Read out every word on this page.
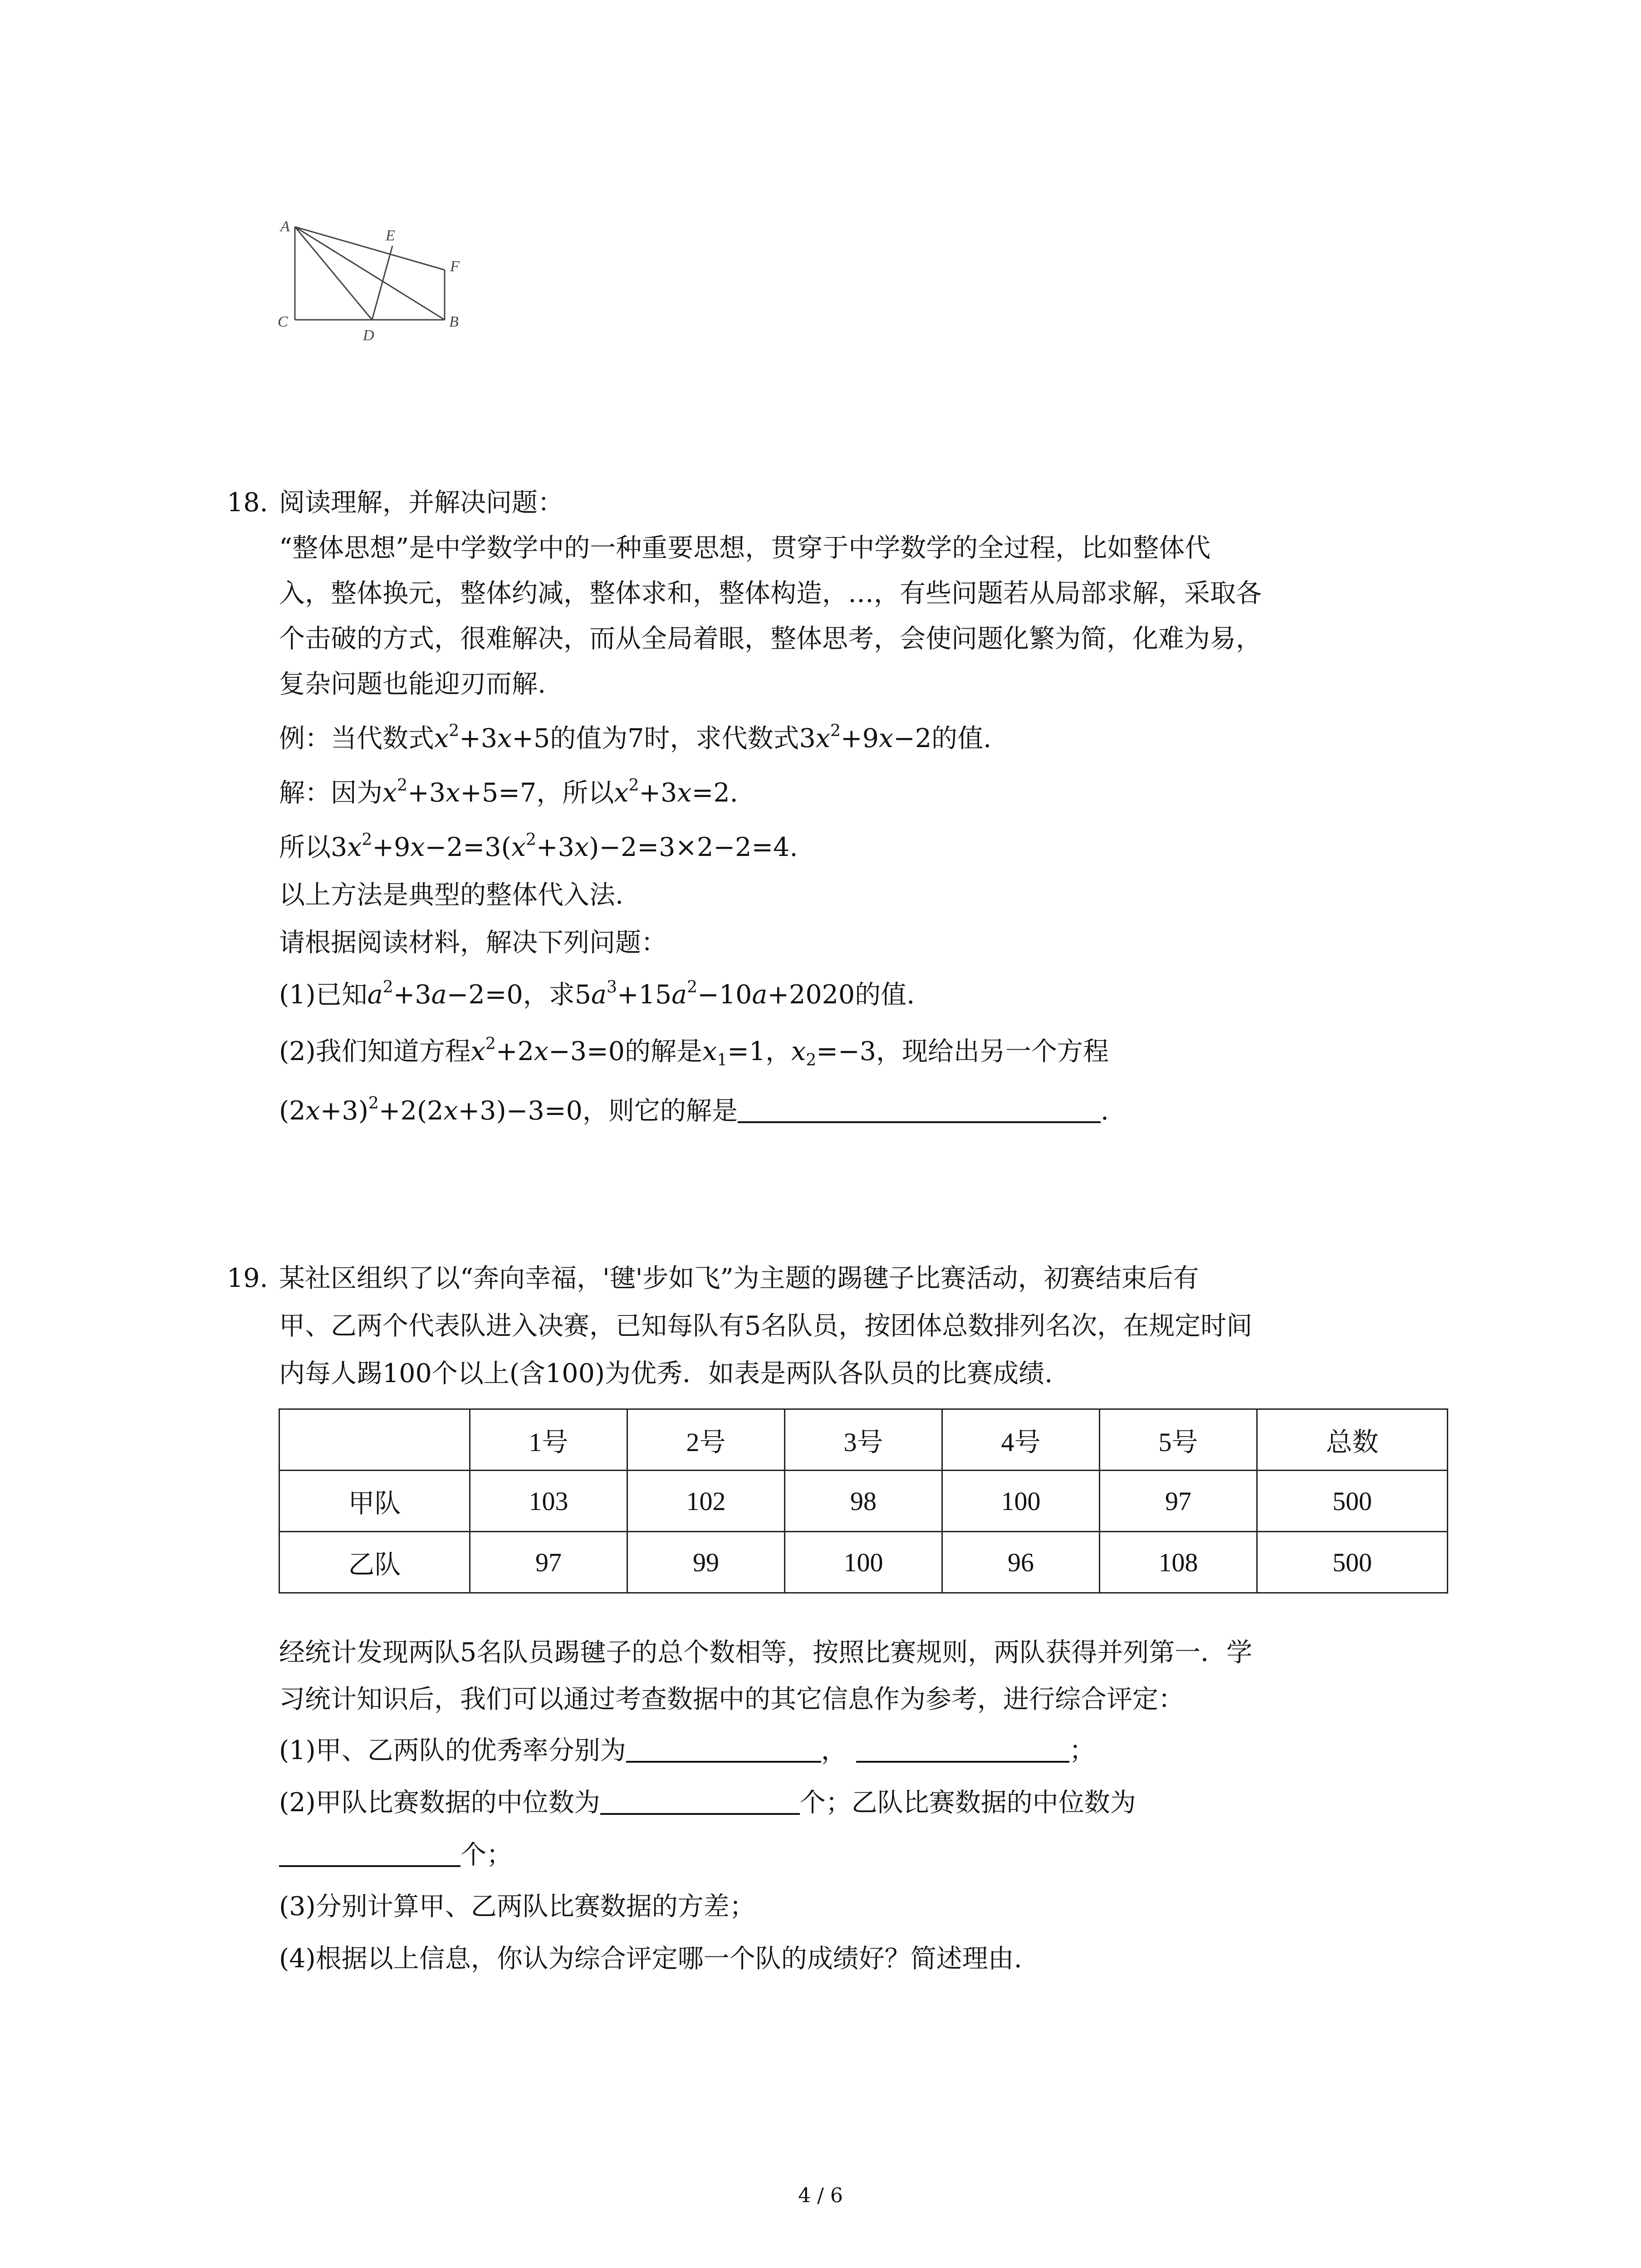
A
E
F
C
D
B
18. 阅读理解，并解决问题：
“整体思想”是中学数学中的一种重要思想，贯穿于中学数学的全过程，比如整体代
入，整体换元，整体约减，整体求和，整体构造，…，有些问题若从局部求解，采取各
个击破的方式，很难解决，而从全局着眼，整体思考，会使问题化繁为简，化难为易，
复杂问题也能迎刃而解.
例：当代数式$x^2+3x+5$的值为7时，求代数式$3x^2+9x-2$的值.
解：因为$x^2+3x+5=7$，所以$x^2+3x=2$.
所以$3x^2+9x-2=3(x^2+3x)-2=3\times 2-2=4$.
以上方法是典型的整体代入法.
请根据阅读材料，解决下列问题：
(1)已知$a^2+3a-2=0$，求$5a^3+15a^2-10a+2020$的值.
(2)我们知道方程$x^2+2x-3=0$的解是$x_1=1$，$x_2=-3$，现给出另一个方程
$(2x+3)^2+2(2x+3)-3=0$，则它的解是	.
19. 某社区组织了以“奔向幸福，'毽'步如飞”为主题的踢毽子比赛活动，初赛结束后有
甲、乙两个代表队进入决赛，已知每队有5名队员，按团体总数排列名次，在规定时间
内每人踢100个以上(含100)为优秀．如表是两队各队员的比赛成绩.
	1号	2号	3号	4号	5号	总数
甲队	103	102	98	100	97	500
乙队	97	99	100	96	108	500
经统计发现两队5名队员踢毽子的总个数相等，按照比赛规则，两队获得并列第一．学
习统计知识后，我们可以通过考查数据中的其它信息作为参考，进行综合评定：
(1)甲、乙两队的优秀率分别为	，	；
(2)甲队比赛数据的中位数为	个；乙队比赛数据的中位数为
个；
(3)分别计算甲、乙两队比赛数据的方差；
(4)根据以上信息，你认为综合评定哪一个队的成绩好？简述理由.
4 / 6
